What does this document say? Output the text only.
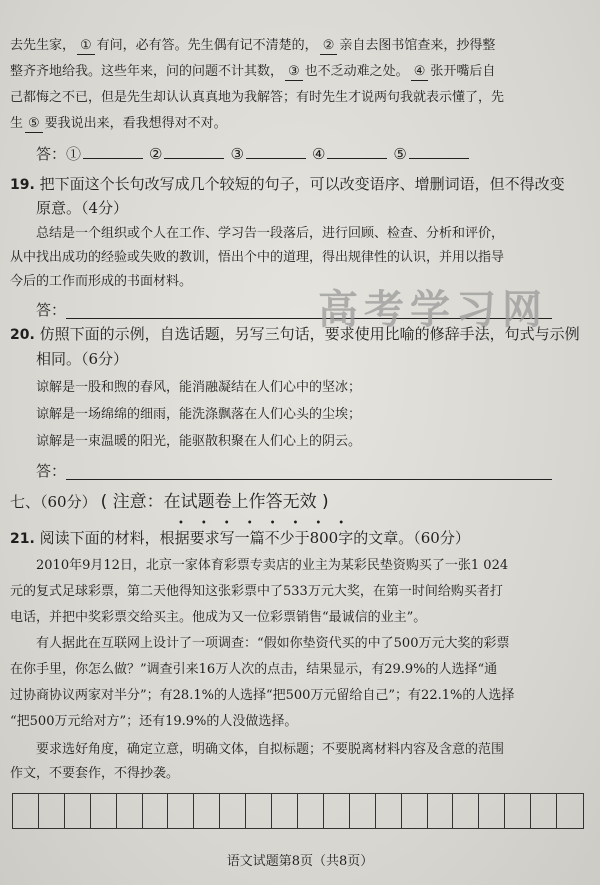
去先生家， ① 有问，必有答。先生偶有记不清楚的， ② 亲自去图书馆查来，抄得整
整齐齐地给我。这些年来，问的问题不计其数， ③ 也不乏动难之处。 ④ 张开嘴后自
己都悔之不已，但是先生却认认真真地为我解答；有时先生才说两句我就表示懂了，先
生 ⑤ 要我说出来，看我想得对不对。
答：①	②	③	④	⑤
19. 把下面这个长句改写成几个较短的句子，可以改变语序、增删词语，但不得改变
原意。（4分）
总结是一个组织或个人在工作、学习告一段落后，进行回顾、检查、分析和评价，
从中找出成功的经验或失败的教训，悟出个中的道理，得出规律性的认识，并用以指导
今后的工作而形成的书面材料。
答：	高考学习网
20. 仿照下面的示例，自选话题，另写三句话，要求使用比喻的修辞手法，句式与示例
相同。（6分）
谅解是一股和煦的春风，能消融凝结在人们心中的坚冰；
谅解是一场绵绵的细雨，能洗涤飘落在人们心头的尘埃；
谅解是一束温暖的阳光，能驱散积聚在人们心上的阴云。
答：
七、（60分） ( 注意：在试题卷上作答无效 )
••••••••
21. 阅读下面的材料，根据要求写一篇不少于800字的文章。（60分）
2010年9月12日，北京一家体育彩票专卖店的业主为某彩民垫资购买了一张1 024
元的复式足球彩票，第二天他得知这张彩票中了533万元大奖，在第一时间给购买者打
电话，并把中奖彩票交给买主。他成为又一位彩票销售“最诚信的业主”。
有人据此在互联网上设计了一项调查：“假如你垫资代买的中了500万元大奖的彩票
在你手里，你怎么做？”调查引来16万人次的点击，结果显示，有29.9%的人选择“通
过协商协议两家对半分”；有28.1%的人选择“把500万元留给自己”；有22.1%的人选择
“把500万元给对方”；还有19.9%的人没做选择。
要求选好角度，确定立意，明确文体，自拟标题；不要脱离材料内容及含意的范围
作文，不要套作，不得抄袭。
语文试题第8页（共8页）
